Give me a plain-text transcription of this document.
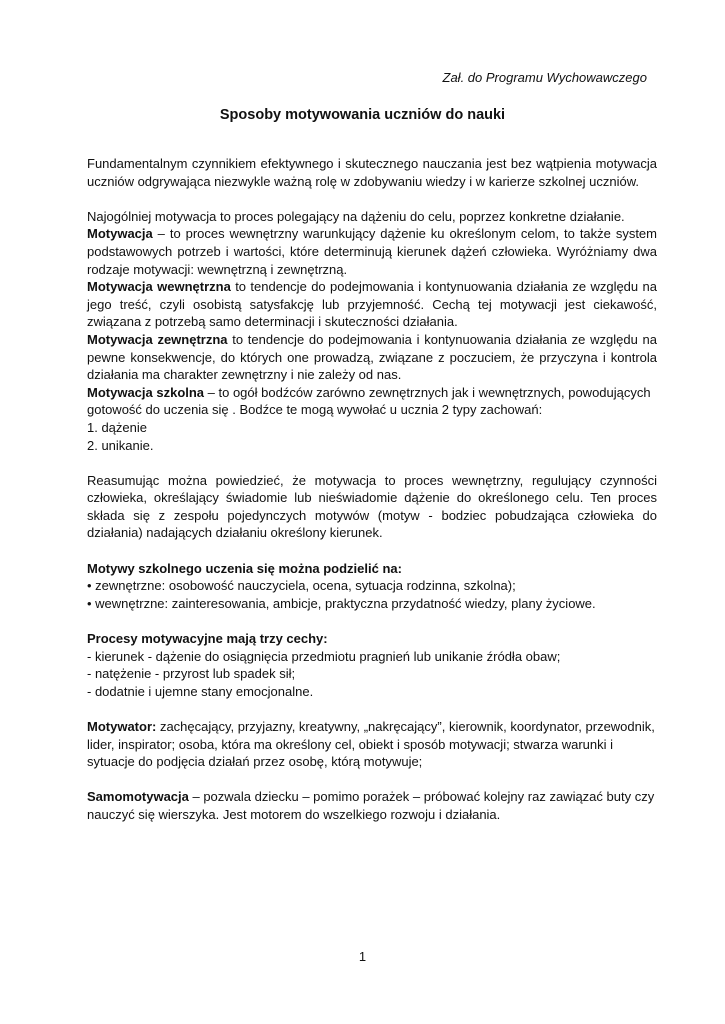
Zał. do Programu Wychowawczego
Sposoby motywowania uczniów do nauki

Fundamentalnym czynnikiem efektywnego i skutecznego nauczania jest bez wątpienia motywacja uczniów odgrywająca niezwykle ważną rolę w zdobywaniu wiedzy i w karierze szkolnej uczniów.

Najogólniej motywacja to proces polegający na dążeniu do celu, poprzez konkretne działanie.

Motywacja – to proces wewnętrzny warunkujący dążenie ku określonym celom, to także system podstawowych potrzeb i wartości, które determinują kierunek dążeń człowieka. Wyróżniamy dwa rodzaje motywacji: wewnętrzną i zewnętrzną.

Motywacja wewnętrzna to tendencje do podejmowania i kontynuowania działania ze względu na jego treść, czyli osobistą satysfakcję lub przyjemność. Cechą tej motywacji jest ciekawość, związana z potrzebą samo determinacji i skuteczności działania.

Motywacja zewnętrzna to tendencje do podejmowania i kontynuowania działania ze względu na pewne konsekwencje, do których one prowadzą, związane z poczuciem, że przyczyna i kontrola działania ma charakter zewnętrzny i nie zależy od nas.

Motywacja szkolna – to ogół bodźców zarówno zewnętrznych jak i wewnętrznych, powodujących gotowość do uczenia się . Bodźce te mogą wywołać u ucznia 2 typy zachowań:

1. dążenie

2. unikanie.

Reasumując można powiedzieć, że motywacja to proces wewnętrzny, regulujący czynności człowieka, określający świadomie lub nieświadomie dążenie do określonego celu. Ten proces składa się z zespołu pojedynczych motywów (motyw - bodziec pobudzająca człowieka do działania) nadających działaniu określony kierunek.

Motywy szkolnego uczenia się można podzielić na:

• zewnętrzne: osobowość nauczyciela, ocena, sytuacja rodzinna, szkolna);

• wewnętrzne: zainteresowania, ambicje, praktyczna przydatność wiedzy, plany życiowe.

Procesy motywacyjne mają trzy cechy:

- kierunek - dążenie do osiągnięcia przedmiotu pragnień lub unikanie źródła obaw;

- natężenie - przyrost lub spadek sił;

- dodatnie i ujemne stany emocjonalne.

Motywator: zachęcający, przyjazny, kreatywny, „nakręcający”, kierownik, koordynator, przewodnik, lider, inspirator; osoba, która ma określony cel, obiekt i sposób motywacji; stwarza warunki i sytuacje do podjęcia działań przez osobę, którą motywuje;

Samomotywacja – pozwala dziecku – pomimo porażek – próbować kolejny raz zawiązać buty czy nauczyć się wierszyka. Jest motorem do wszelkiego rozwoju i działania.

1
